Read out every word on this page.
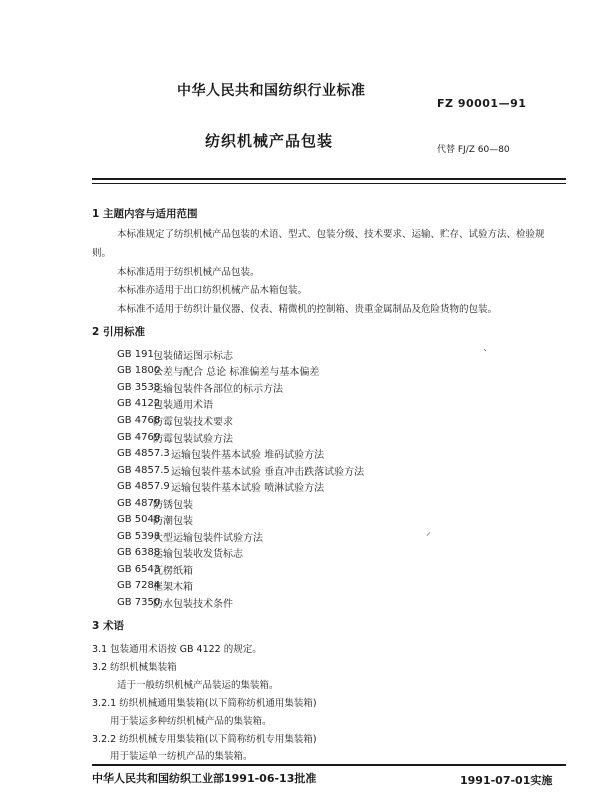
中华人民共和国纺织行业标准
FZ 90001—91
纺织机械产品包装	代替 FJ/Z 60—80
1 主题内容与适用范围
本标准规定了纺织机械产品包装的术语、型式、包装分级、技术要求、运输、贮存、试验方法、检验规
则。
本标准适用于纺织机械产品包装。
本标准亦适用于出口纺织机械产品木箱包装。
本标准不适用于纺织计量仪器、仪表、精微机的控制箱、贵重金属制品及危险货物的包装。
2 引用标准
GB 191 包装储运图示标志
GB 1800
公差与配合 总论 标准偏差与基本偏差
GB 3538
运输包装件各部位的标示方法
GB 4122
包装通用术语
GB 4768
防霉包装技术要求
GB 4769
防霉包装试验方法
GB 4857.3 运输包装件基本试验 堆码试验方法
GB 4857.5 运输包装件基本试验 垂直冲击跌落试验方法
GB 4857.9 运输包装件基本试验 喷淋试验方法
GB 4879
防锈包装
GB 5048
防潮包装
GB 5398
大型运输包装件试验方法
GB 6388
运输包装收发货标志
GB 6543
瓦楞纸箱
GB 7284
框架木箱
GB 7350
防水包装技术条件
3 术语
3.1 包装通用术语按 GB 4122 的规定。
3.2 纺织机械集装箱
适于一般纺织机械产品装运的集装箱。
3.2.1 纺织机械通用集装箱(以下简称纺机通用集装箱)
用于装运多种纺织机械产品的集装箱。
3.2.2 纺织机械专用集装箱(以下简称纺机专用集装箱)
用于装运单一纺机产品的集装箱。
中华人民共和国纺织工业部1991-06-13批准	1991-07-01实施
`
⸝
